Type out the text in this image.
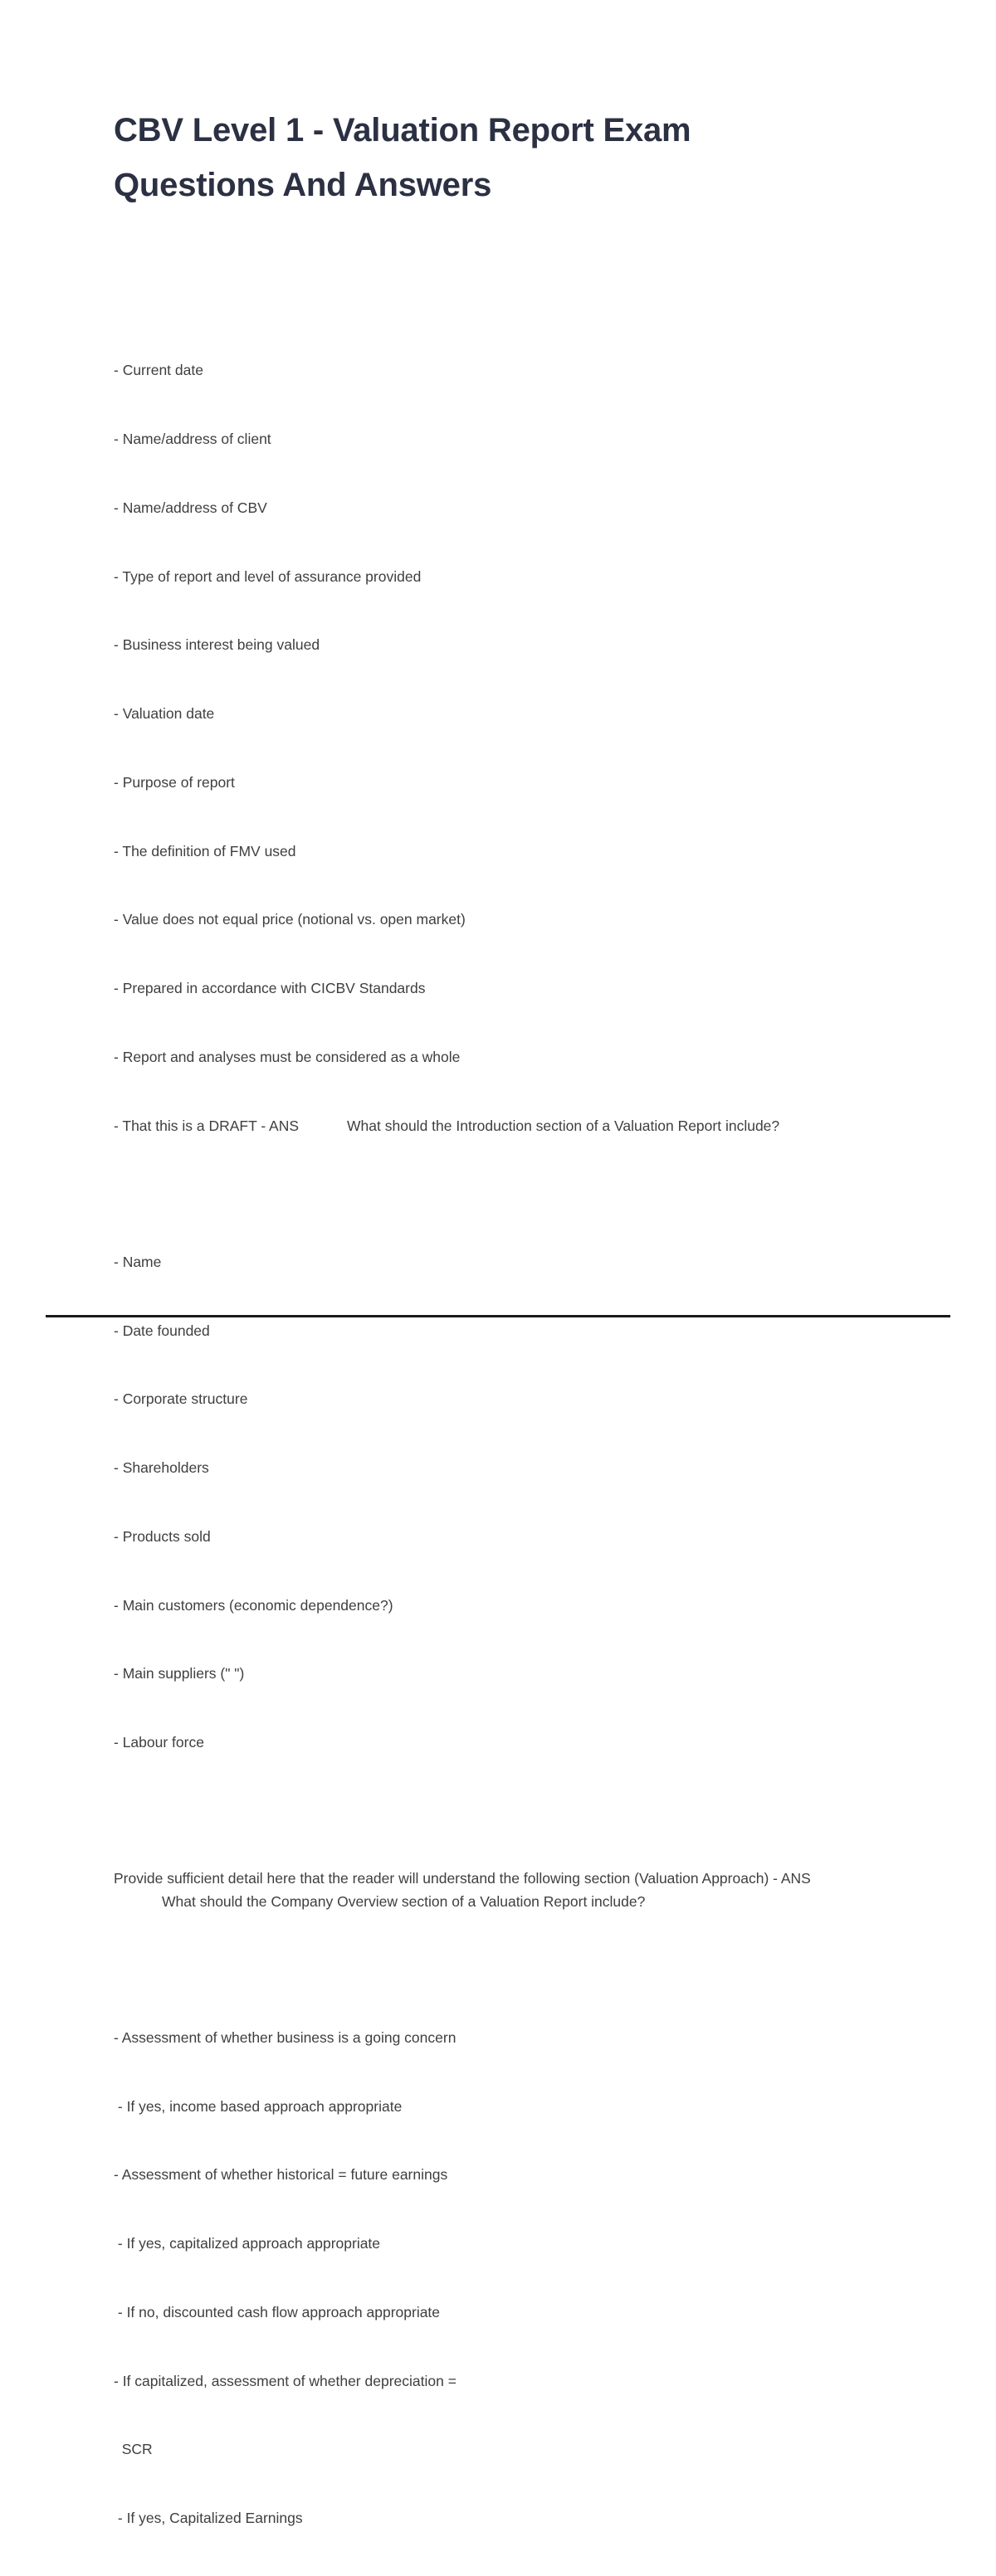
CBV Level 1 - Valuation Report Exam Questions And Answers

- Current date

- Name/address of client

- Name/address of CBV

- Type of report and level of assurance provided

- Business interest being valued

- Valuation date

- Purpose of report

- The definition of FMV used

- Value does not equal price (notional vs. open market)

- Prepared in accordance with CICBV Standards

- Report and analyses must be considered as a whole

- That this is a DRAFT - ANS	What should the Introduction section of a Valuation Report include?

- Name

- Date founded

- Corporate structure

- Shareholders

- Products sold

- Main customers (economic dependence?)

- Main suppliers (" ")

- Labour force

Provide sufficient detail here that the reader will understand the following section (Valuation Approach) - ANSWhat should the Company Overview section of a Valuation Report include?

- Assessment of whether business is a going concern

- If yes, income based approach appropriate

- Assessment of whether historical = future earnings

- If yes, capitalized approach appropriate

- If no, discounted cash flow approach appropriate

- If capitalized, assessment of whether depreciation =

SCR

- If yes, Capitalized Earnings
